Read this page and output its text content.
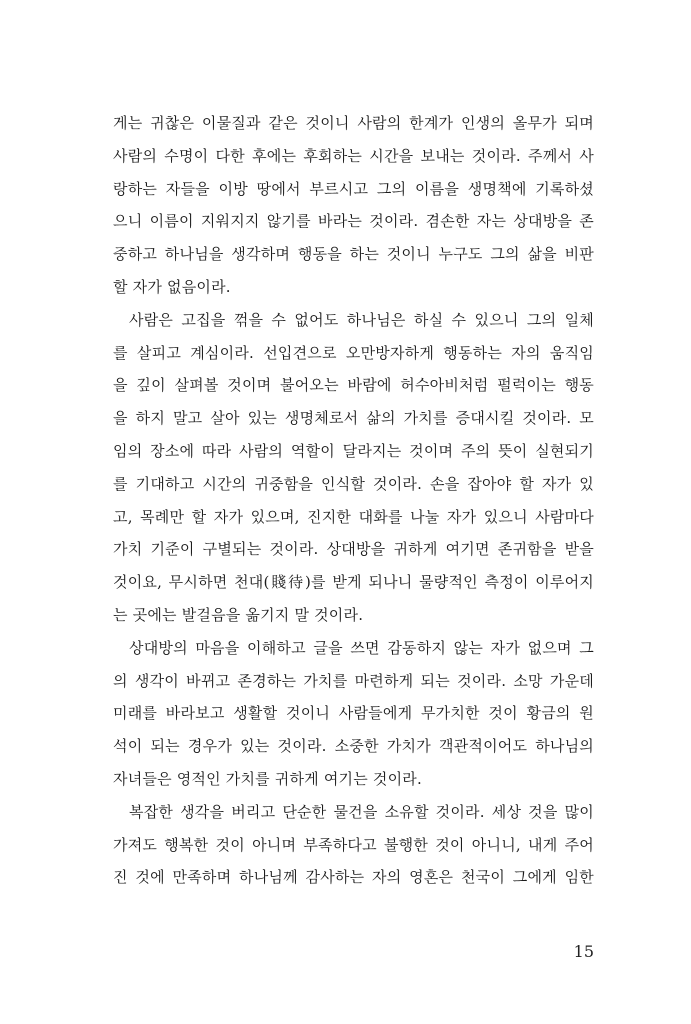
게는 귀찮은 이물질과 같은 것이니 사람의 한계가 인생의 올무가 되며
사람의 수명이 다한 후에는 후회하는 시간을 보내는 것이라. 주께서 사
랑하는 자들을 이방 땅에서 부르시고 그의 이름을 생명책에 기록하셨
으니 이름이 지워지지 않기를 바라는 것이라. 겸손한 자는 상대방을 존
중하고 하나님을 생각하며 행동을 하는 것이니 누구도 그의 삶을 비판
할 자가 없음이라.
사람은 고집을 꺾을 수 없어도 하나님은 하실 수 있으니 그의 일체
를 살피고 계심이라. 선입견으로 오만방자하게 행동하는 자의 움직임
을 깊이 살펴볼 것이며 불어오는 바람에 허수아비처럼 펄럭이는 행동
을 하지 말고 살아 있는 생명체로서 삶의 가치를 증대시킬 것이라. 모
임의 장소에 따라 사람의 역할이 달라지는 것이며 주의 뜻이 실현되기
를 기대하고 시간의 귀중함을 인식할 것이라. 손을 잡아야 할 자가 있
고, 목례만 할 자가 있으며, 진지한 대화를 나눌 자가 있으니 사람마다
가치 기준이 구별되는 것이라. 상대방을 귀하게 여기면 존귀함을 받을
것이요, 무시하면 천대(賤待)를 받게 되나니 물량적인 측정이 이루어지
는 곳에는 발걸음을 옮기지 말 것이라.
상대방의 마음을 이해하고 글을 쓰면 감동하지 않는 자가 없으며 그
의 생각이 바뀌고 존경하는 가치를 마련하게 되는 것이라. 소망 가운데
미래를 바라보고 생활할 것이니 사람들에게 무가치한 것이 황금의 원
석이 되는 경우가 있는 것이라. 소중한 가치가 객관적이어도 하나님의
자녀들은 영적인 가치를 귀하게 여기는 것이라.
복잡한 생각을 버리고 단순한 물건을 소유할 것이라. 세상 것을 많이
가져도 행복한 것이 아니며 부족하다고 불행한 것이 아니니, 내게 주어
진 것에 만족하며 하나님께 감사하는 자의 영혼은 천국이 그에게 임한
15
